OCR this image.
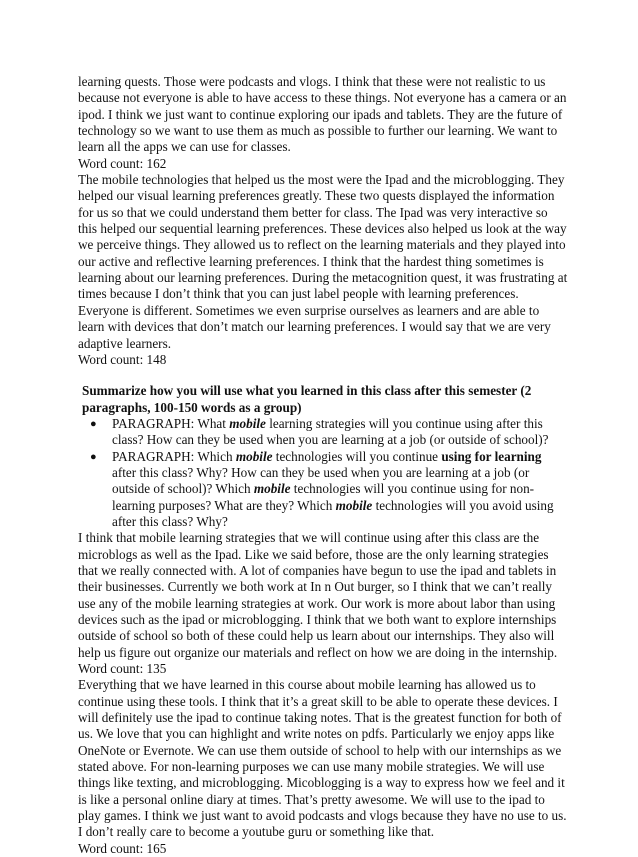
learning quests. Those were podcasts and vlogs. I think that these were not realistic to us because not everyone is able to have access to these things. Not everyone has a camera or an ipod. I think we just want to continue exploring our ipads and tablets. They are the future of technology so we want to use them as much as possible to further our learning. We want to learn all the apps we can use for classes.

Word count: 162

The mobile technologies that helped us the most were the Ipad and the microblogging. They helped our visual learning preferences greatly. These two quests displayed the information for us so that we could understand them better for class. The Ipad was very interactive so this helped our sequential learning preferences. These devices also helped us look at the way we perceive things. They allowed us to reflect on the learning materials and they played into our active and reflective learning preferences. I think that the hardest thing sometimes is learning about our learning preferences. During the metacognition quest, it was frustrating at times because I don’t think that you can just label people with learning preferences. Everyone is different. Sometimes we even surprise ourselves as learners and are able to learn with devices that don’t match our learning preferences. I would say that we are very adaptive learners.

Word count: 148

Summarize how you will use what you learned in this class after this semester (2 paragraphs, 100-150 words as a group)

● PARAGRAPH: What mobile learning strategies will you continue using after this class? How can they be used when you are learning at a job (or outside of school)?
● PARAGRAPH: Which mobile technologies will you continue using for learning after this class? Why? How can they be used when you are learning at a job (or outside of school)? Which mobile technologies will you continue using for non-learning purposes? What are they? Which mobile technologies will you avoid using after this class? Why?

I think that mobile learning strategies that we will continue using after this class are the microblogs as well as the Ipad. Like we said before, those are the only learning strategies that we really connected with. A lot of companies have begun to use the ipad and tablets in their businesses. Currently we both work at In n Out burger, so I think that we can’t really use any of the mobile learning strategies at work. Our work is more about labor than using devices such as the ipad or microblogging. I think that we both want to explore internships outside of school so both of these could help us learn about our internships. They also will help us figure out organize our materials and reflect on how we are doing in the internship.

Word count: 135

Everything that we have learned in this course about mobile learning has allowed us to continue using these tools. I think that it’s a great skill to be able to operate these devices. I will definitely use the ipad to continue taking notes. That is the greatest function for both of us. We love that you can highlight and write notes on pdfs. Particularly we enjoy apps like OneNote or Evernote. We can use them outside of school to help with our internships as we stated above. For non-learning purposes we can use many mobile strategies. We will use things like texting, and microblogging. Micoblogging is a way to express how we feel and it is like a personal online diary at times. That’s pretty awesome. We will use to the ipad to play games. I think we just want to avoid podcasts and vlogs because they have no use to us. I don’t really care to become a youtube guru or something like that.

Word count: 165
